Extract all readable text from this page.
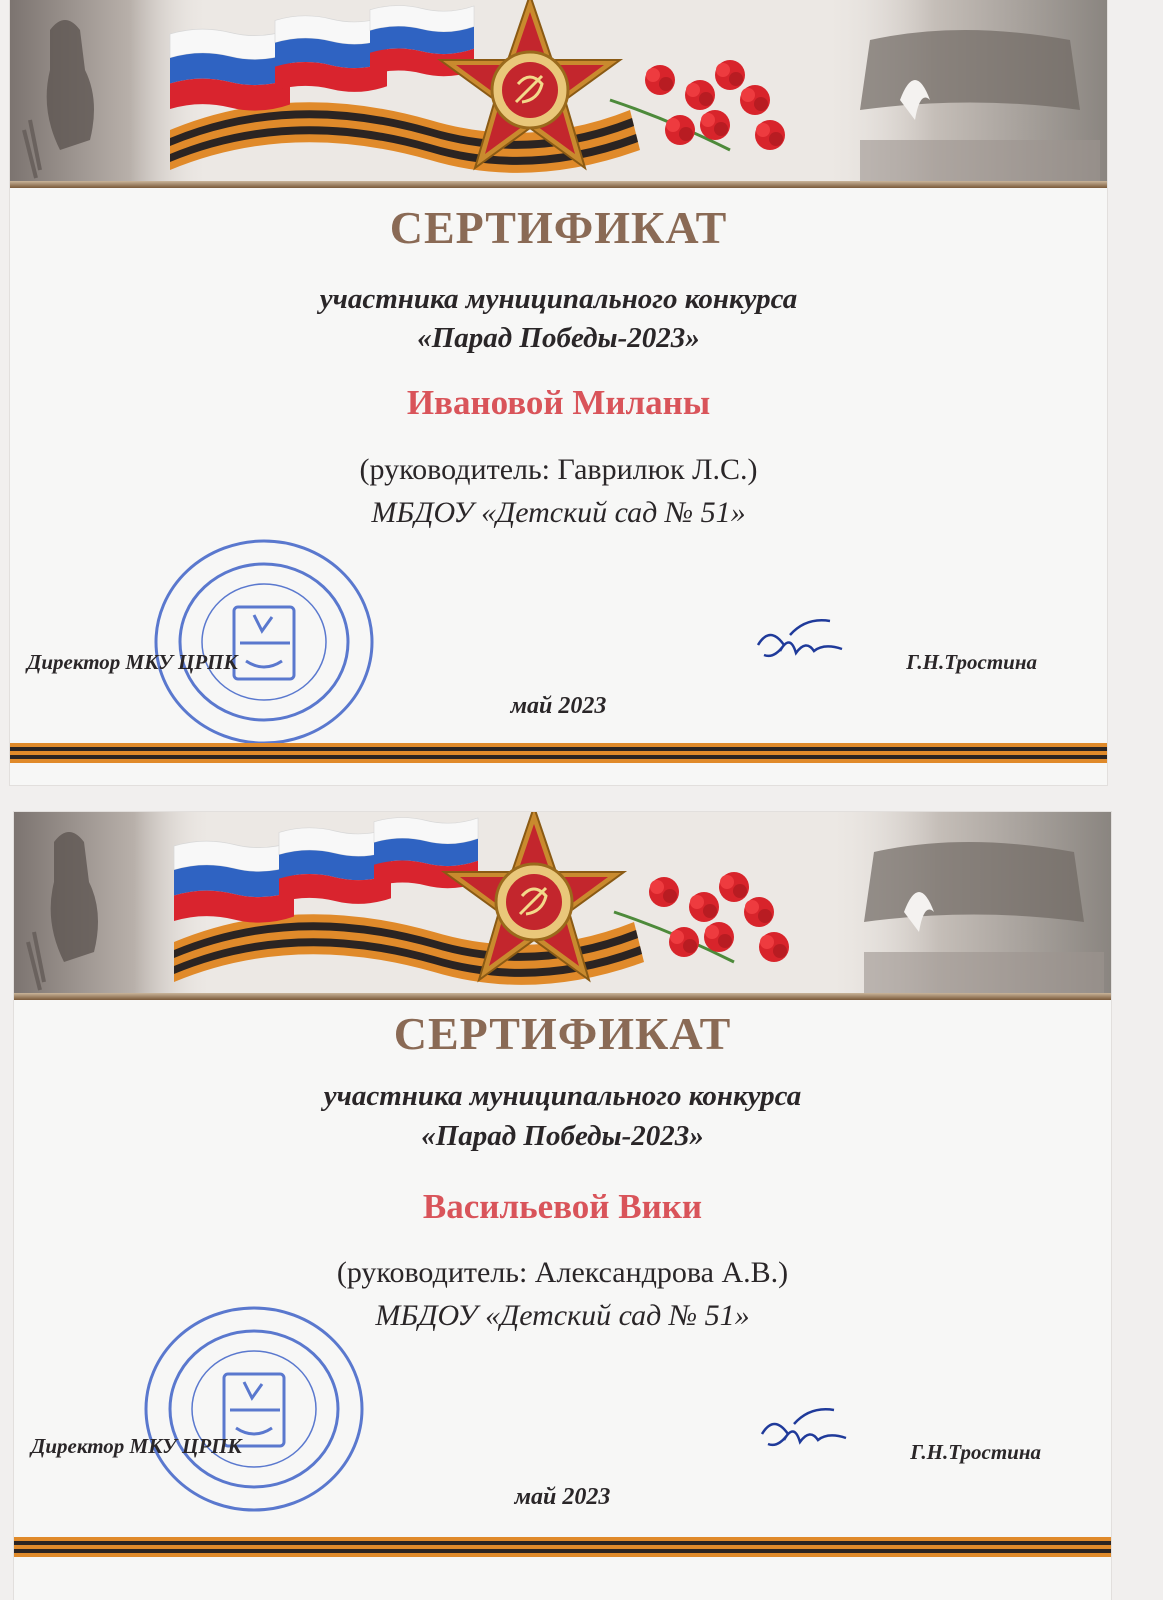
СЕРТИФИКАТ

участника муниципального конкурса

«Парад Победы-2023»

Ивановой Миланы

(руководитель: Гаврилюк Л.С.)

МБДОУ «Детский сад № 51»

Директор МКУ ЦРПК	Г.Н.Тростина
май 2023

СЕРТИФИКАТ

участника муниципального конкурса

«Парад Победы-2023»

Васильевой Вики

(руководитель: Александрова А.В.)

МБДОУ «Детский сад № 51»

Директор МКУ ЦРПК	Г.Н.Тростина
май 2023
